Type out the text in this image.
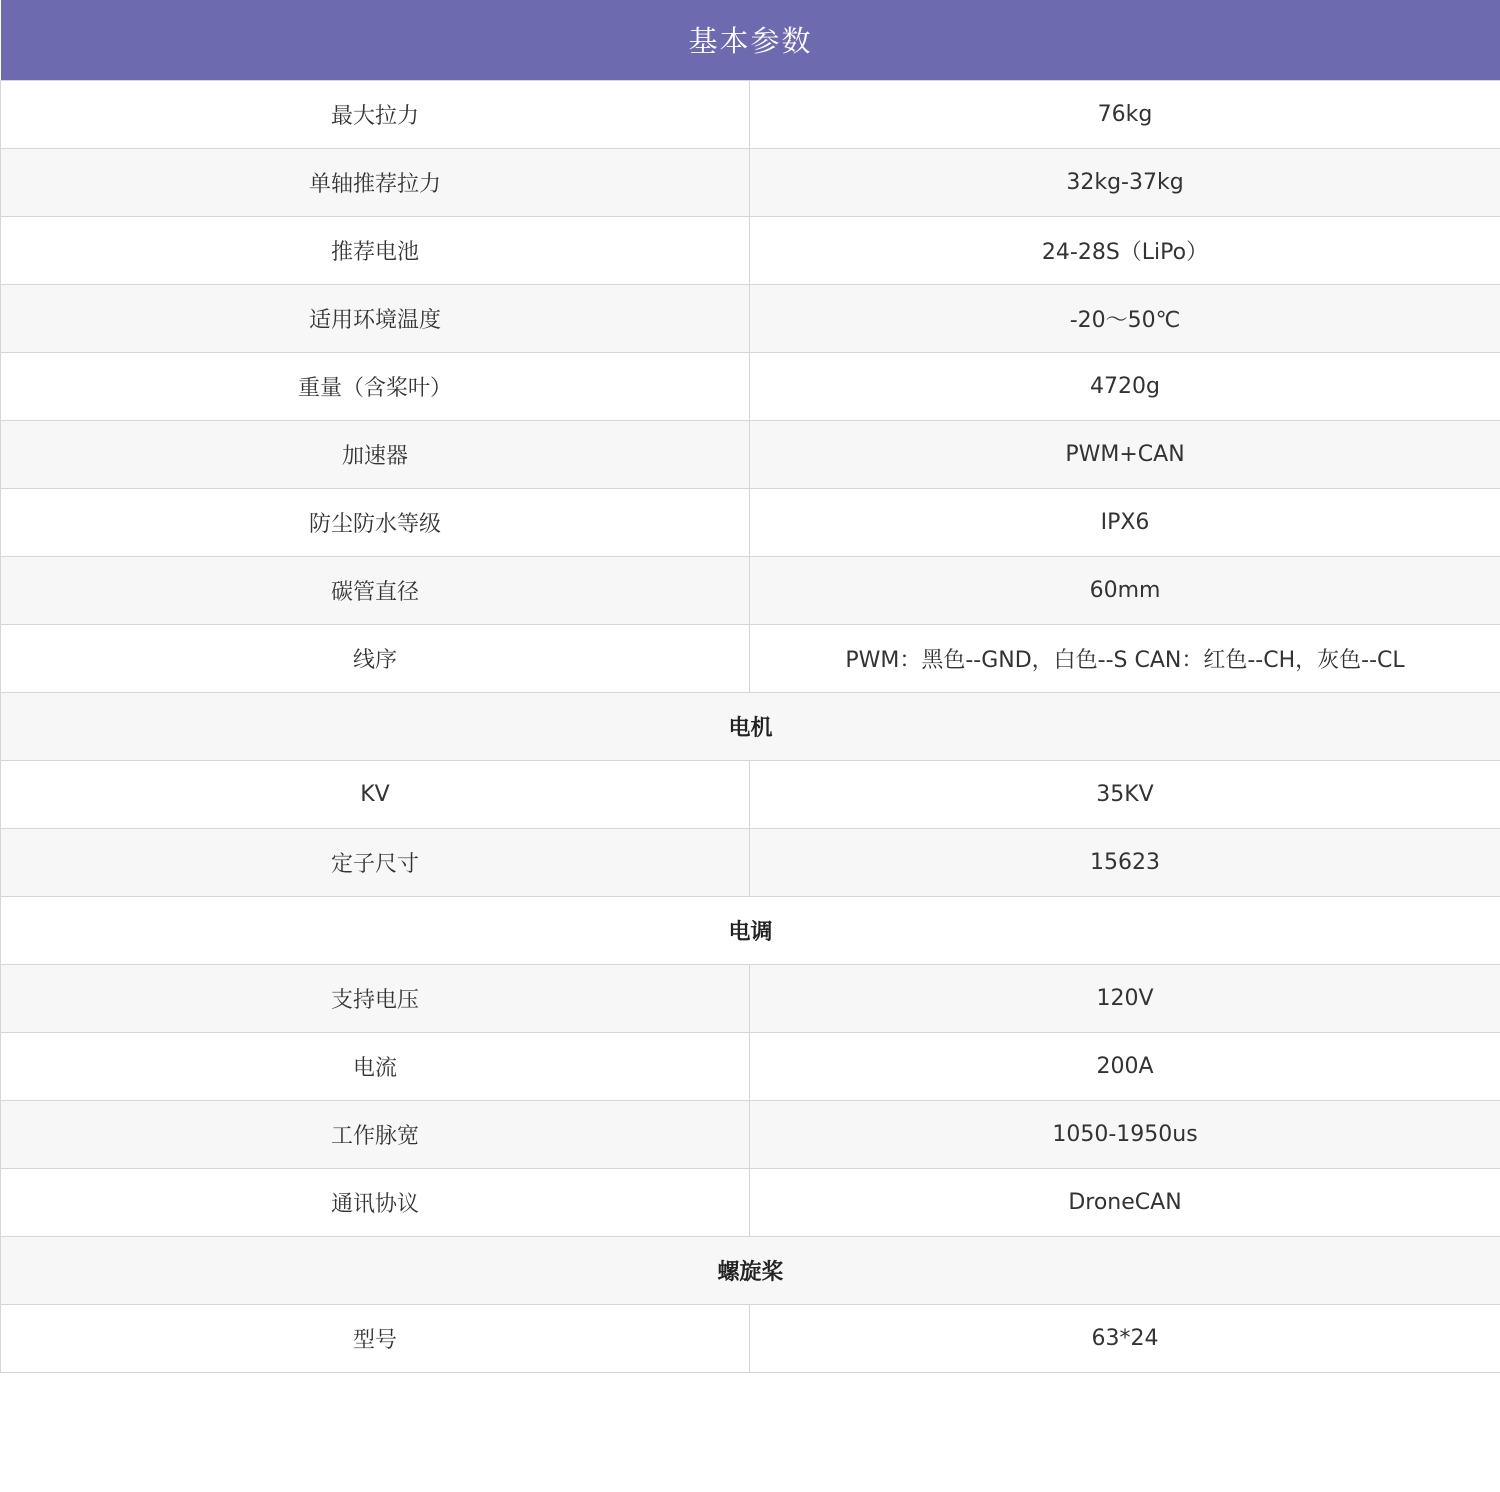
基本参数	
最大拉力	76kg
单轴推荐拉力	32kg-37kg
推荐电池	24-28S（LiPo）
适用环境温度	-20～50℃
重量（含桨叶）	4720g
加速器	PWM+CAN
防尘防水等级	IPX6
碳管直径	60mm
线序	PWM：黑色--GND，白色--S CAN：红色--CH，灰色--CL
电机	
KV	35KV
定子尺寸	15623
电调	
支持电压	120V
电流	200A
工作脉宽	1050-1950us
通讯协议	DroneCAN
螺旋桨	
型号	63*24
